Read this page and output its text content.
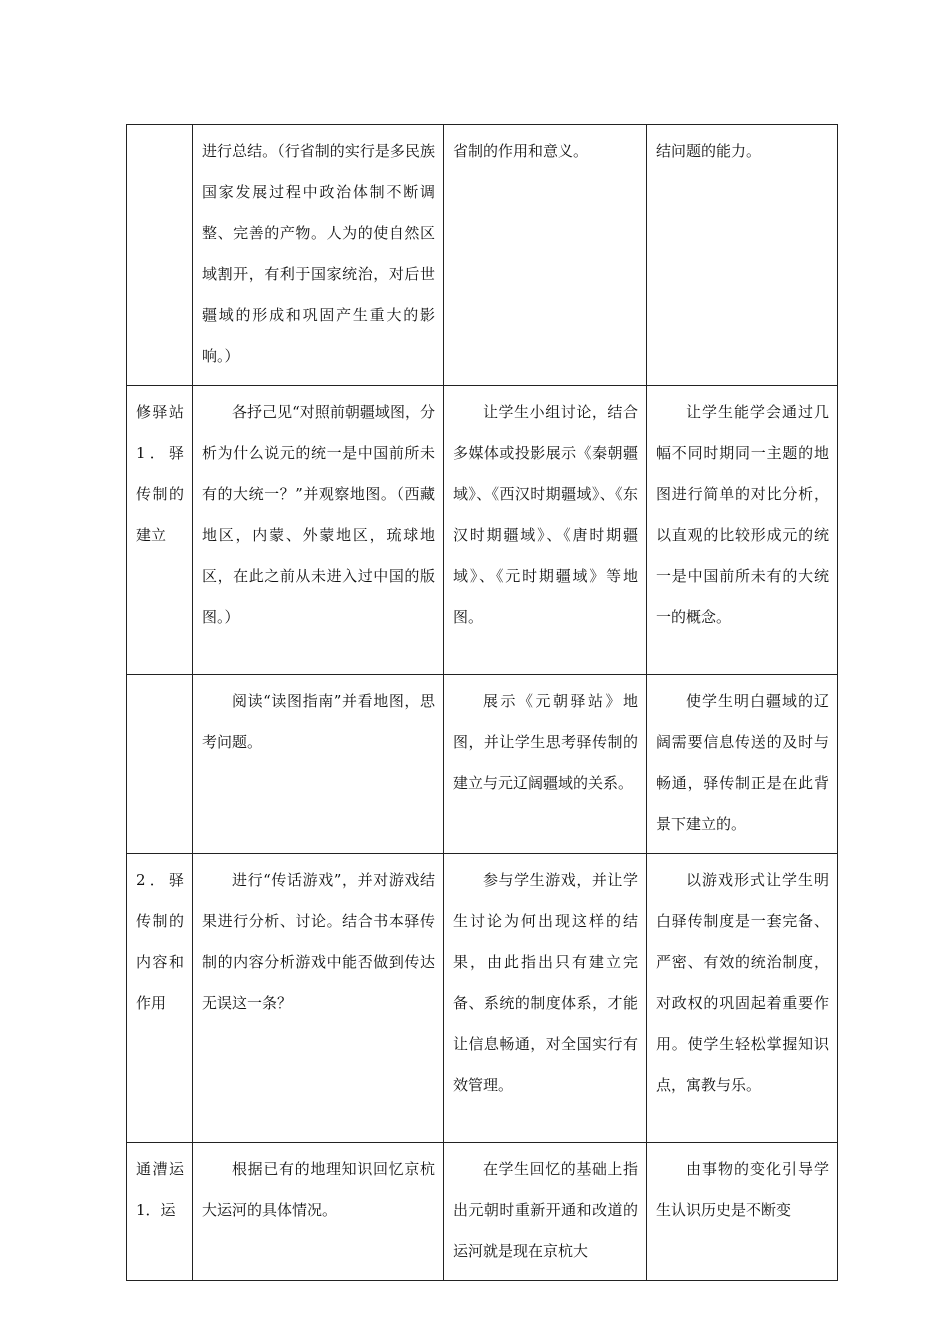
	进行总结。（行省制的实行是多民族国家发展过程中政治体制不断调整、完善的产物。人为的使自然区域割开，有利于国家统治，对后世疆域的形成和巩固产生重大的影响。）	省制的作用和意义。	结问题的能力。
修驿站1．驿传制的建立	各抒己见“对照前朝疆域图，分析为什么说元的统一是中国前所未有的大统一？”并观察地图。（西藏地区，内蒙、外蒙地区，琉球地区，在此之前从未进入过中国的版图。）	让学生小组讨论，结合多媒体或投影展示《秦朝疆域》、《西汉时期疆域》、《东汉时期疆域》、《唐时期疆域》、《元时期疆域》等地图。	让学生能学会通过几幅不同时期同一主题的地图进行简单的对比分析，以直观的比较形成元的统一是中国前所未有的大统一的概念。
	阅读“读图指南”并看地图，思考问题。	展示《元朝驿站》地图，并让学生思考驿传制的建立与元辽阔疆域的关系。	使学生明白疆域的辽阔需要信息传送的及时与畅通，驿传制正是在此背景下建立的。
2．驿传制的内容和作用	进行“传话游戏”，并对游戏结果进行分析、讨论。结合书本驿传制的内容分析游戏中能否做到传达无误这一条？	参与学生游戏，并让学生讨论为何出现这样的结果，由此指出只有建立完备、系统的制度体系，才能让信息畅通，对全国实行有效管理。	以游戏形式让学生明白驿传制度是一套完备、严密、有效的统治制度，对政权的巩固起着重要作用。使学生轻松掌握知识点，寓教与乐。
通漕运1．运	根据已有的地理知识回忆京杭大运河的具体情况。	在学生回忆的基础上指出元朝时重新开通和改道的运河就是现在京杭大	由事物的变化引导学生认识历史是不断变
